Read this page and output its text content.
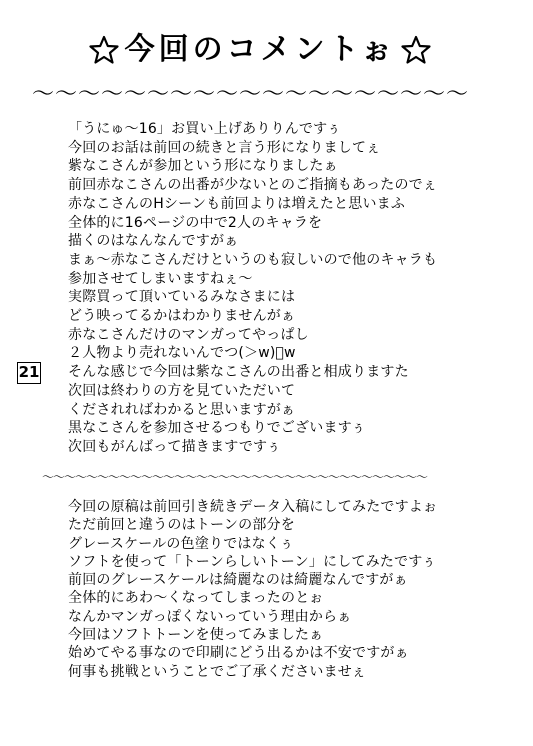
今回のコメントぉ
～～～～～～～～～～～～～～～～～～～
「うにゅ～16」お買い上げありりんですぅ
今回のお話は前回の続きと言う形になりましてぇ
紫なこさんが参加という形になりましたぁ
前回赤なこさんの出番が少ないとのご指摘もあったのでぇ
赤なこさんのHシーンも前回よりは増えたと思いまふ
全体的に16ページの中で2人のキャラを
描くのはなんなんですがぁ
まぁ～赤なこさんだけというのも寂しいので他のキャラも
参加させてしまいますねぇ～
実際買って頂いているみなさまには
どう映ってるかはわかりませんがぁ
赤なこさんだけのマンガってやっぱし
２人物より売れないんでつ(＞w)ﾟw
そんな感じで今回は紫なこさんの出番と相成りますた
次回は終わりの方を見ていただいて
くだされればわかると思いますがぁ
黒なこさんを参加させるつもりでございますぅ
次回もがんばって描きますですぅ
21
～～～～～～～～～～～～～～～～～～～～～～～～～～～～～～～～～～～
今回の原稿は前回引き続きデータ入稿にしてみたですよぉ
ただ前回と違うのはトーンの部分を
グレースケールの色塗りではなくぅ
ソフトを使って「トーンらしいトーン」にしてみたですぅ
前回のグレースケールは綺麗なのは綺麗なんですがぁ
全体的にあわ～くなってしまったのとぉ
なんかマンガっぽくないっていう理由からぁ
今回はソフトトーンを使ってみましたぁ
始めてやる事なので印刷にどう出るかは不安ですがぁ
何事も挑戦ということでご了承くださいませぇ
